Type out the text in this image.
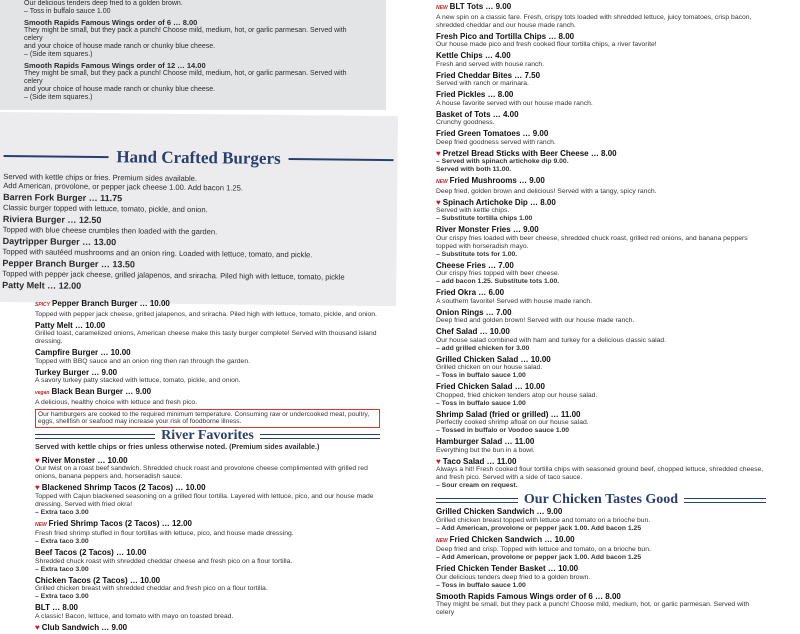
Our delicious tenders deep fried to a golden brown.
– Toss in buffalo sauce 1.00
Smooth Rapids Famous Wings order of 6 … 8.00
They might be small, but they pack a punch! Choose mild, medium, hot, or garlic parmesan. Served with celery
and your choice of house made ranch or chunky blue cheese.
– (Side item squares.)
Smooth Rapids Famous Wings order of 12 … 14.00
They might be small, but they pack a punch! Choose mild, medium, hot, or garlic parmesan. Served with celery
and your choice of house made ranch or chunky blue cheese.
– (Side item squares.)
Hand Crafted Burgers
Served with kettle chips or fries. Premium sides available.
Add American, provolone, or pepper jack cheese 1.00. Add bacon 1.25.
Barren Fork Burger … 11.75
Classic burger topped with lettuce, tomato, pickle, and onion.
Riviera Burger … 12.50
Topped with blue cheese crumbles then loaded with the garden.
Daytripper Burger … 13.00
Topped with sautéed mushrooms and an onion ring. Loaded with lettuce, tomato, and pickle.
Pepper Branch Burger … 13.50
Topped with pepper jack cheese, grilled jalapenos, and sriracha. Piled high with lettuce, tomato, pickle
Patty Melt … 12.00
SPICY Pepper Branch Burger … 10.00
Topped with pepper jack cheese, grilled jalapenos, and sriracha. Piled high with lettuce, tomato, pickle, and onion.
Patty Melt … 10.00
Grilled toast, caramelized onions, American cheese make this tasty burger complete! Served with thousand island dressing.
Campfire Burger … 10.00
Topped with BBQ sauce and an onion ring then ran through the garden.
Turkey Burger … 9.00
A savory turkey patty stacked with lettuce, tomato, pickle, and onion.
vegan Black Bean Burger … 9.00
A delicious, healthy choice with lettuce and fresh pico.
Our hamburgers are cooked to the required minimum temperature. Consuming raw or undercooked meat, poultry, eggs, shellfish or seafood may increase your risk of foodborne illness.
River Favorites
Served with kettle chips or fries unless otherwise noted. (Premium sides available.)
♥ River Monster … 10.00
Our twist on a roast beef sandwich. Shredded chuck roast and provolone cheese complimented with grilled red onions, banana peppers and, horseradish sauce.
♥ Blackened Shrimp Tacos (2 Tacos) … 10.00
Topped with Cajun blackened seasoning on a grilled flour tortilla. Layered with lettuce, pico, and our house made dressing. Served with fried okra!
– Extra taco 3.00
NEW Fried Shrimp Tacos (2 Tacos) … 12.00
Fresh fried shrimp stuffed in flour tortillas with lettuce, pico, and house made dressing.
– Extra taco 3.00
Beef Tacos (2 Tacos) … 10.00
Shredded chuck roast with shredded cheddar cheese and fresh pico on a flour tortilla.
– Extra taco 3.00
Chicken Tacos (2 Tacos) … 10.00
Grilled chicken breast with shredded cheddar and fresh pico on a flour tortilla.
– Extra taco 3.00
BLT … 8.00
A classic! Bacon, lettuce, and tomato with mayo on toasted bread.
♥ Club Sandwich … 9.00
NEW BLT Tots … 9.00
A new spin on a classic fare. Fresh, crispy tots loaded with shredded lettuce, juicy tomatoes, crisp bacon, shredded cheddar and our house made ranch.
Fresh Pico and Tortilla Chips … 8.00
Our house made pico and fresh cooked flour tortilla chips, a river favorite!
Kettle Chips … 4.00
Fresh and served with house ranch.
Fried Cheddar Bites … 7.50
Served with ranch or marinara.
Fried Pickles … 8.00
A house favorite served with our house made ranch.
Basket of Tots … 4.00
Crunchy goodness.
Fried Green Tomatoes … 9.00
Deep fried goodness served with ranch.
♥ Pretzel Bread Sticks with Beer Cheese … 8.00
– Served with spinach artichoke dip 9.00.
Served with both 11.00.
NEW Fried Mushrooms … 9.00
Deep fried, golden brown and delicious! Served with a tangy, spicy ranch.
♥ Spinach Artichoke Dip … 8.00
Served with kettle chips.
– Substitute tortilla chips 1.00
River Monster Fries … 9.00
Our crispy fries loaded with beer cheese, shredded chuck roast, grilled red onions, and banana peppers topped with horseradish mayo.
– Substitute tots for 1.00.
Cheese Fries … 7.00
Our crispy fries topped with beer cheese.
– add bacon 1.25. Substitute tots 1.00.
Fried Okra … 6.00
A southern favorite! Served with house made ranch.
Onion Rings … 7.00
Deep fried and golden brown! Served with our house made ranch.
Chef Salad … 10.00
Our house salad combined with ham and turkey for a delicious classic salad.
– add grilled chicken for 3.00
Grilled Chicken Salad … 10.00
Grilled chicken on our house salad.
– Toss in buffalo sauce 1.00
Fried Chicken Salad … 10.00
Chopped, fried chicken tenders atop our house salad.
– Toss in buffalo sauce 1.00
Shrimp Salad (fried or grilled) … 11.00
Perfectly cooked shrimp afloat on our house salad.
– Tossed in buffalo or Voodoo sauce 1.00
Hamburger Salad … 11.00
Everything but the bun in a bowl.
♥ Taco Salad … 11.00
Always a hit! Fresh cooked flour tortilla chips with seasoned ground beef, chopped lettuce, shredded cheese, and fresh pico. Served with a side of taco sauce.
– Sour cream on request.
Our Chicken Tastes Good
Grilled Chicken Sandwich … 9.00
Grilled chicken breast topped with lettuce and tomato on a brioche bun.
– Add American, provolone or pepper jack 1.00. Add bacon 1.25
NEW Fried Chicken Sandwich … 10.00
Deep fried and crisp. Topped with lettuce and tomato, on a brioche bun.
– Add American, provolone or pepper jack 1.00. Add bacon 1.25
Fried Chicken Tender Basket … 10.00
Our delicious tenders deep fried to a golden brown.
– Toss in buffalo sauce 1.00
Smooth Rapids Famous Wings order of 6 … 8.00
They might be small, but they pack a punch! Choose mild, medium, hot, or garlic parmesan. Served with celery
